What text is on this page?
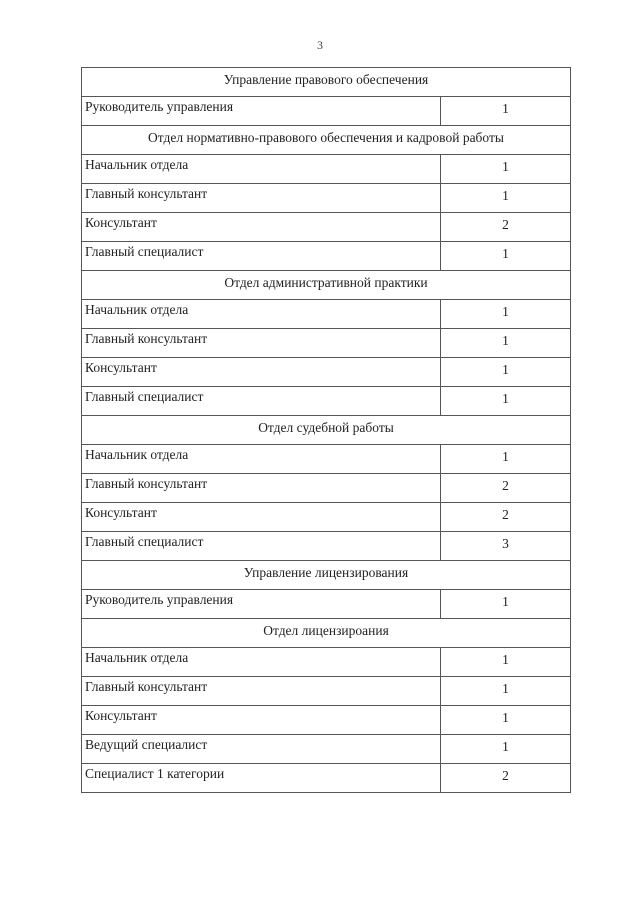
3
Управление правового обеспечения	
Руководитель управления	1
Отдел нормативно-правового обеспечения и кадровой работы	
Начальник отдела	1
Главный консультант	1
Консультант	2
Главный специалист	1
Отдел административной практики	
Начальник отдела	1
Главный консультант	1
Консультант	1
Главный специалист	1
Отдел судебной работы	
Начальник отдела	1
Главный консультант	2
Консультант	2
Главный специалист	3
Управление лицензирования	
Руководитель управления	1
Отдел лицензироания	
Начальник отдела	1
Главный консультант	1
Консультант	1
Ведущий специалист	1
Специалист 1 категории	2
